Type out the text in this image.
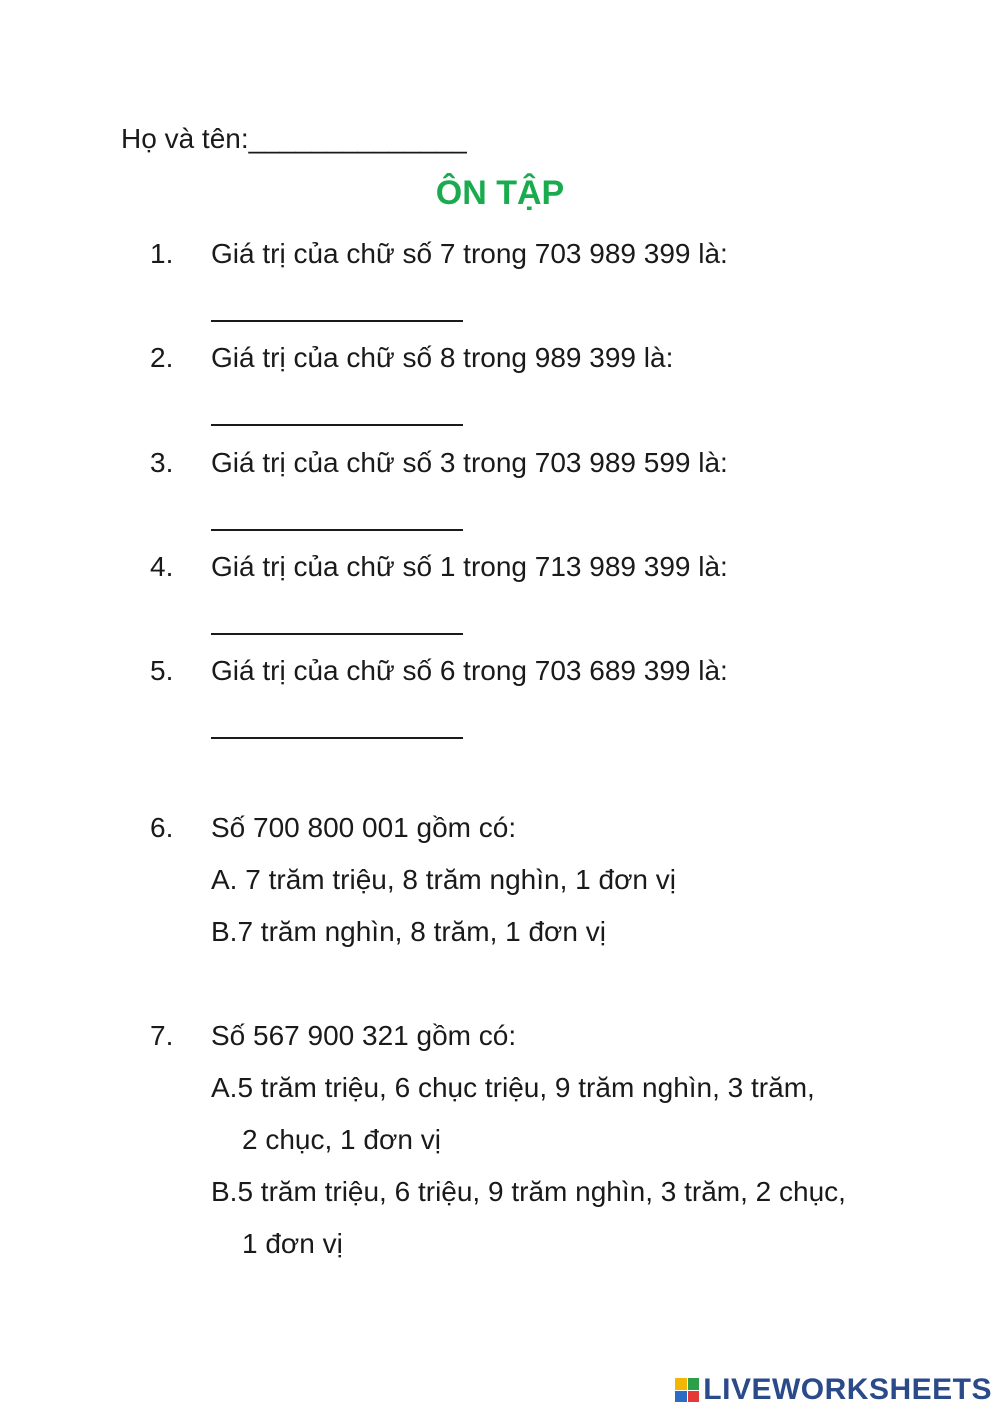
Họ và tên:______________
ÔN TẬP
1. Giá trị của chữ số 7 trong 703 989 399 là:
2. Giá trị của chữ số 8 trong 989 399 là:
3. Giá trị của chữ số 3 trong 703 989 599 là:
4. Giá trị của chữ số 1 trong 713 989 399 là:
5. Giá trị của chữ số 6 trong 703 689 399 là:
6. Số 700 800 001 gồm có:
A. 7 trăm triệu, 8 trăm nghìn, 1 đơn vị
B.7 trăm nghìn, 8 trăm, 1 đơn vị
7. Số 567 900 321 gồm có:
A.5 trăm triệu, 6 chục triệu, 9 trăm nghìn, 3 trăm,
2 chục, 1 đơn vị
B.5 trăm triệu, 6 triệu, 9 trăm nghìn, 3 trăm, 2 chục,
1 đơn vị
LIVEWORKSHEETS
